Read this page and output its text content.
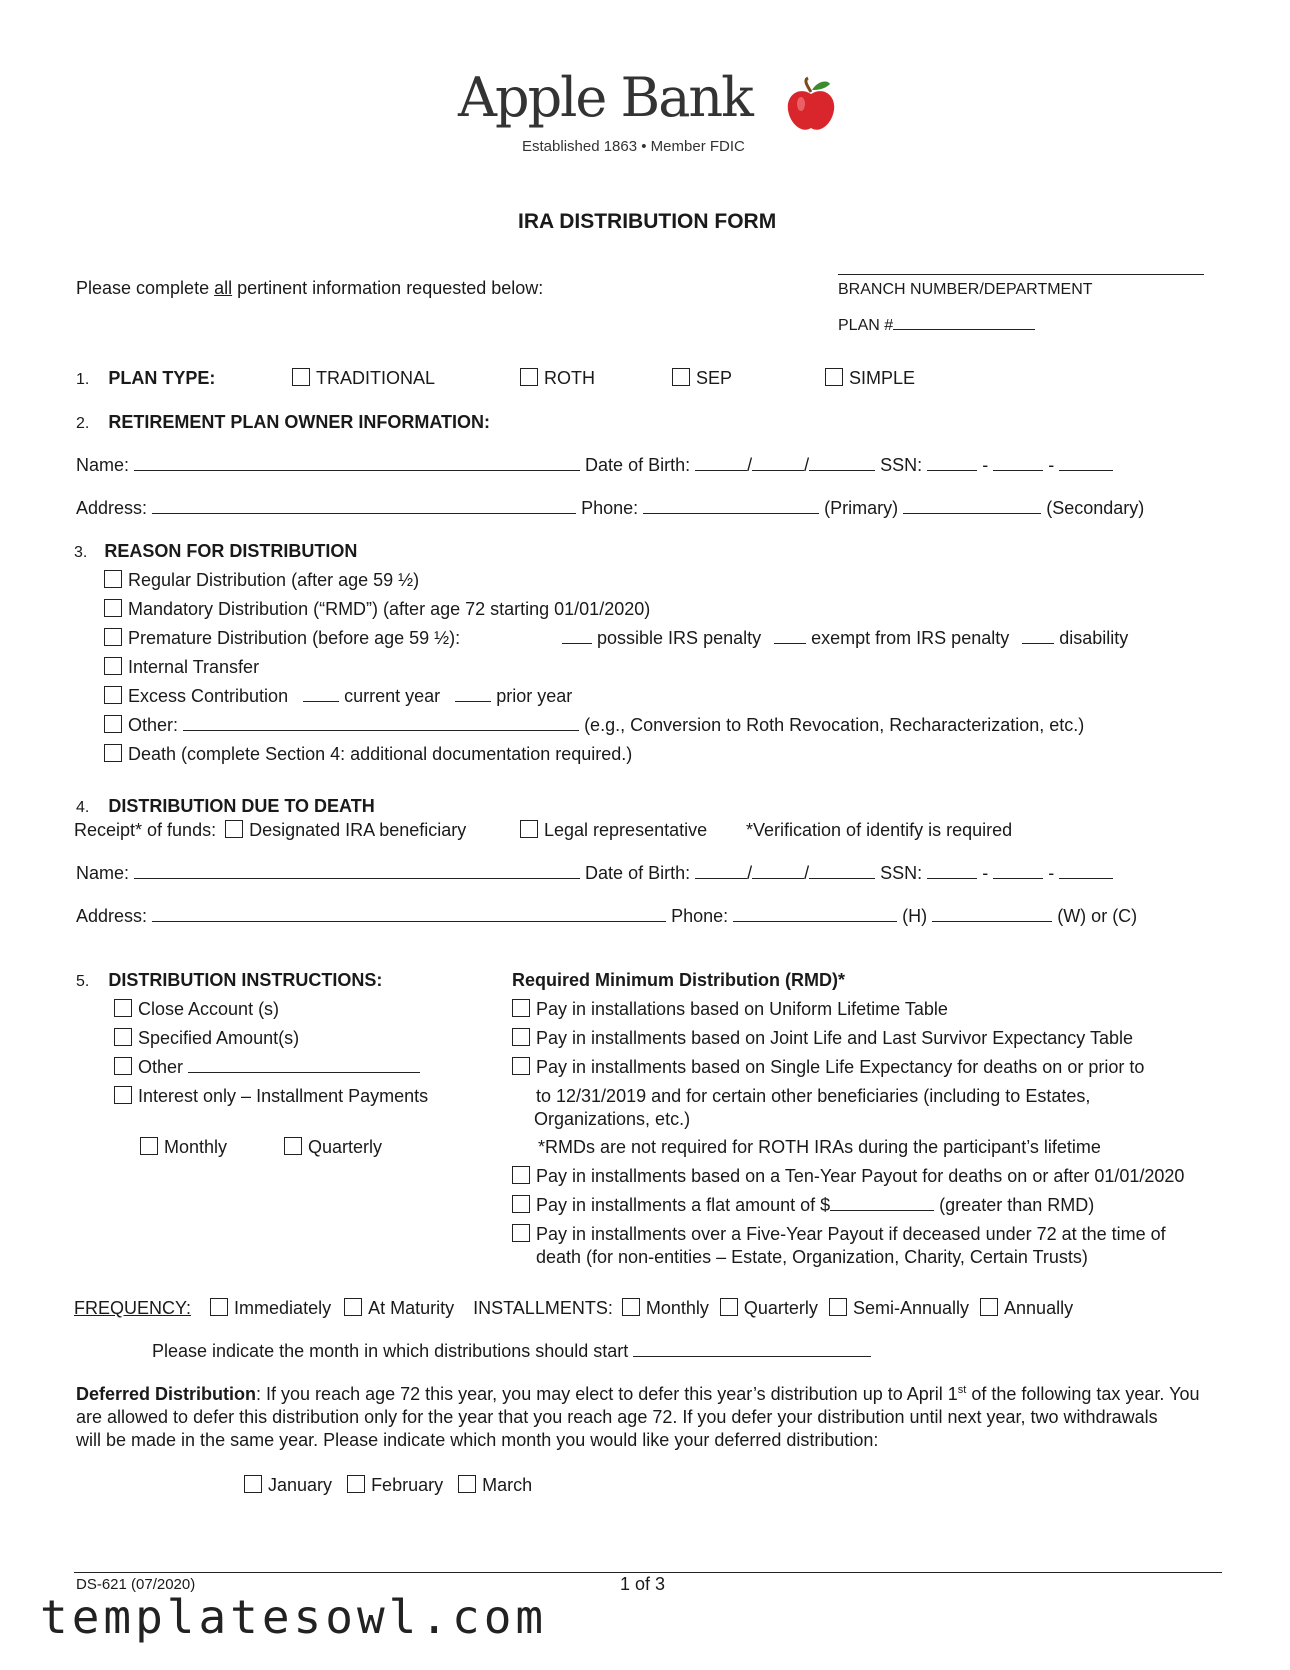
Apple Bank
Established 1863 • Member FDIC
IRA DISTRIBUTION FORM
Please complete all pertinent information requested below:	BRANCH NUMBER/DEPARTMENT
PLAN #
1. PLAN TYPE:	TRADITIONAL	ROTH	SEP	SIMPLE
2. RETIREMENT PLAN OWNER INFORMATION:
Name:	Date of Birth:	/	/	SSN:	-	-
Address:	Phone:	(Primary)	(Secondary)
3. REASON FOR DISTRIBUTION
Regular Distribution (after age 59 ½)
Mandatory Distribution (“RMD”) (after age 72 starting 01/01/2020)
Premature Distribution (before age 59 ½):	possible IRS penalty	exempt from IRS penalty	disability
Internal Transfer
Excess Contribution	current year	prior year
Other:	(e.g., Conversion to Roth Revocation, Recharacterization, etc.)
Death (complete Section 4: additional documentation required.)
4. DISTRIBUTION DUE TO DEATH
Receipt* of funds: Designated IRA beneficiary	Legal representative *Verification of identify is required
Name:	Date of Birth:	/	/	SSN:	-	-
Address:	Phone:	(H)	(W) or (C)
5. DISTRIBUTION INSTRUCTIONS:
Close Account (s)
Specified Amount(s)
Other
Interest only – Installment Payments
Monthly	Quarterly
Required Minimum Distribution (RMD)*
Pay in installations based on Uniform Lifetime Table
Pay in installments based on Joint Life and Last Survivor Expectancy Table
Pay in installments based on Single Life Expectancy for deaths on or prior to
to 12/31/2019 and for certain other beneficiaries (including to Estates,
Organizations, etc.)
*RMDs are not required for ROTH IRAs during the participant’s lifetime
Pay in installments based on a Ten-Year Payout for deaths on or after 01/01/2020
Pay in installments a flat amount of $	(greater than RMD)
Pay in installments over a Five-Year Payout if deceased under 72 at the time of
death (for non-entities – Estate, Organization, Charity, Certain Trusts)
FREQUENCY: Immediately At Maturity INSTALLMENTS: Monthly Quarterly Semi-Annually Annually
Please indicate the month in which distributions should start
Deferred Distribution: If you reach age 72 this year, you may elect to defer this year’s distribution up to April 1st of the following tax year. You
are allowed to defer this distribution only for the year that you reach age 72. If you defer your distribution until next year, two withdrawals
will be made in the same year. Please indicate which month you would like your deferred distribution:
January February March
DS-621 (07/2020)	1 of 3
templatesowl.com
